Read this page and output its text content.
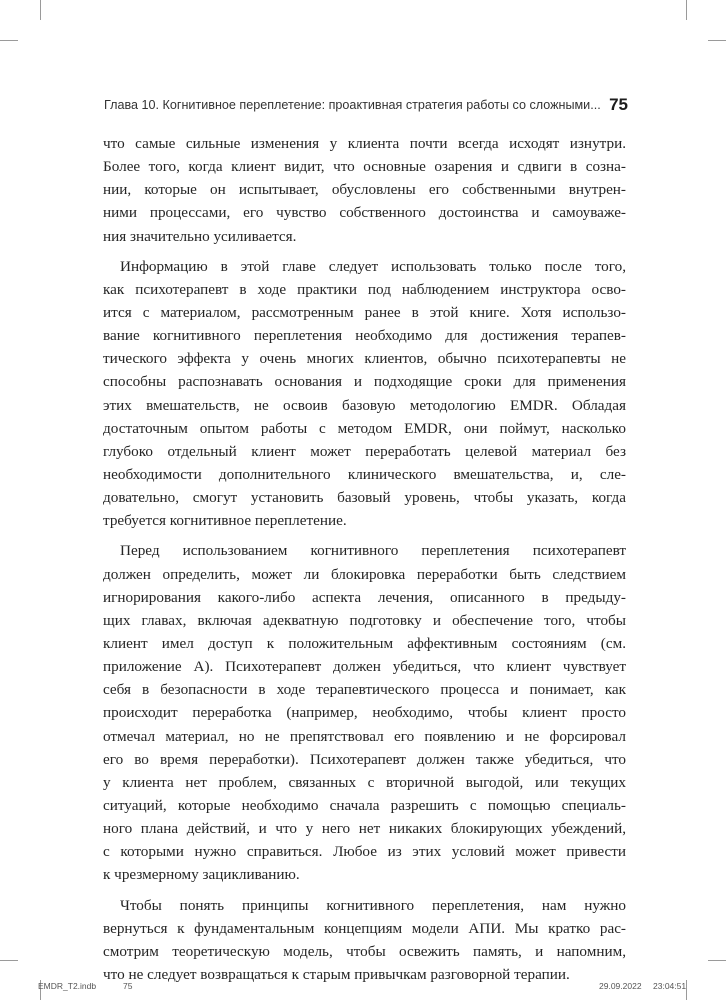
Глава 10. Когнитивное переплетение: проактивная стратегия работы со сложными... 75
что самые сильные изменения у клиента почти всегда исходят изнутри.
Более того, когда клиент видит, что основные озарения и сдвиги в созна-
нии, которые он испытывает, обусловлены его собственными внутрен-
ними процессами, его чувство собственного достоинства и самоуваже-
ния значительно усиливается.
Информацию в этой главе следует использовать только после того,
как психотерапевт в ходе практики под наблюдением инструктора осво-
ится с материалом, рассмотренным ранее в этой книге. Хотя использо-
вание когнитивного переплетения необходимо для достижения терапев-
тического эффекта у очень многих клиентов, обычно психотерапевты не
способны распознавать основания и подходящие сроки для применения
этих вмешательств, не освоив базовую методологию EMDR. Обладая
достаточным опытом работы с методом EMDR, они поймут, насколько
глубоко отдельный клиент может переработать целевой материал без
необходимости дополнительного клинического вмешательства, и, сле-
довательно, смогут установить базовый уровень, чтобы указать, когда
требуется когнитивное переплетение.
Перед использованием когнитивного переплетения психотерапевт
должен определить, может ли блокировка переработки быть следствием
игнорирования какого-либо аспекта лечения, описанного в предыду-
щих главах, включая адекватную подготовку и обеспечение того, чтобы
клиент имел доступ к положительным аффективным состояниям (см.
приложение А). Психотерапевт должен убедиться, что клиент чувствует
себя в безопасности в ходе терапевтического процесса и понимает, как
происходит переработка (например, необходимо, чтобы клиент просто
отмечал материал, но не препятствовал его появлению и не форсировал
его во время переработки). Психотерапевт должен также убедиться, что
у клиента нет проблем, связанных с вторичной выгодой, или текущих
ситуаций, которые необходимо сначала разрешить с помощью специаль-
ного плана действий, и что у него нет никаких блокирующих убеждений,
с которыми нужно справиться. Любое из этих условий может привести
к чрезмерному зацикливанию.
Чтобы понять принципы когнитивного переплетения, нам нужно
вернуться к фундаментальным концепциям модели АПИ. Мы кратко рас-
смотрим теоретическую модель, чтобы освежить память, и напомним,
что не следует возвращаться к старым привычкам разговорной терапии.
EMDR_T2.indb	75	29.09.2022 23:04:51
